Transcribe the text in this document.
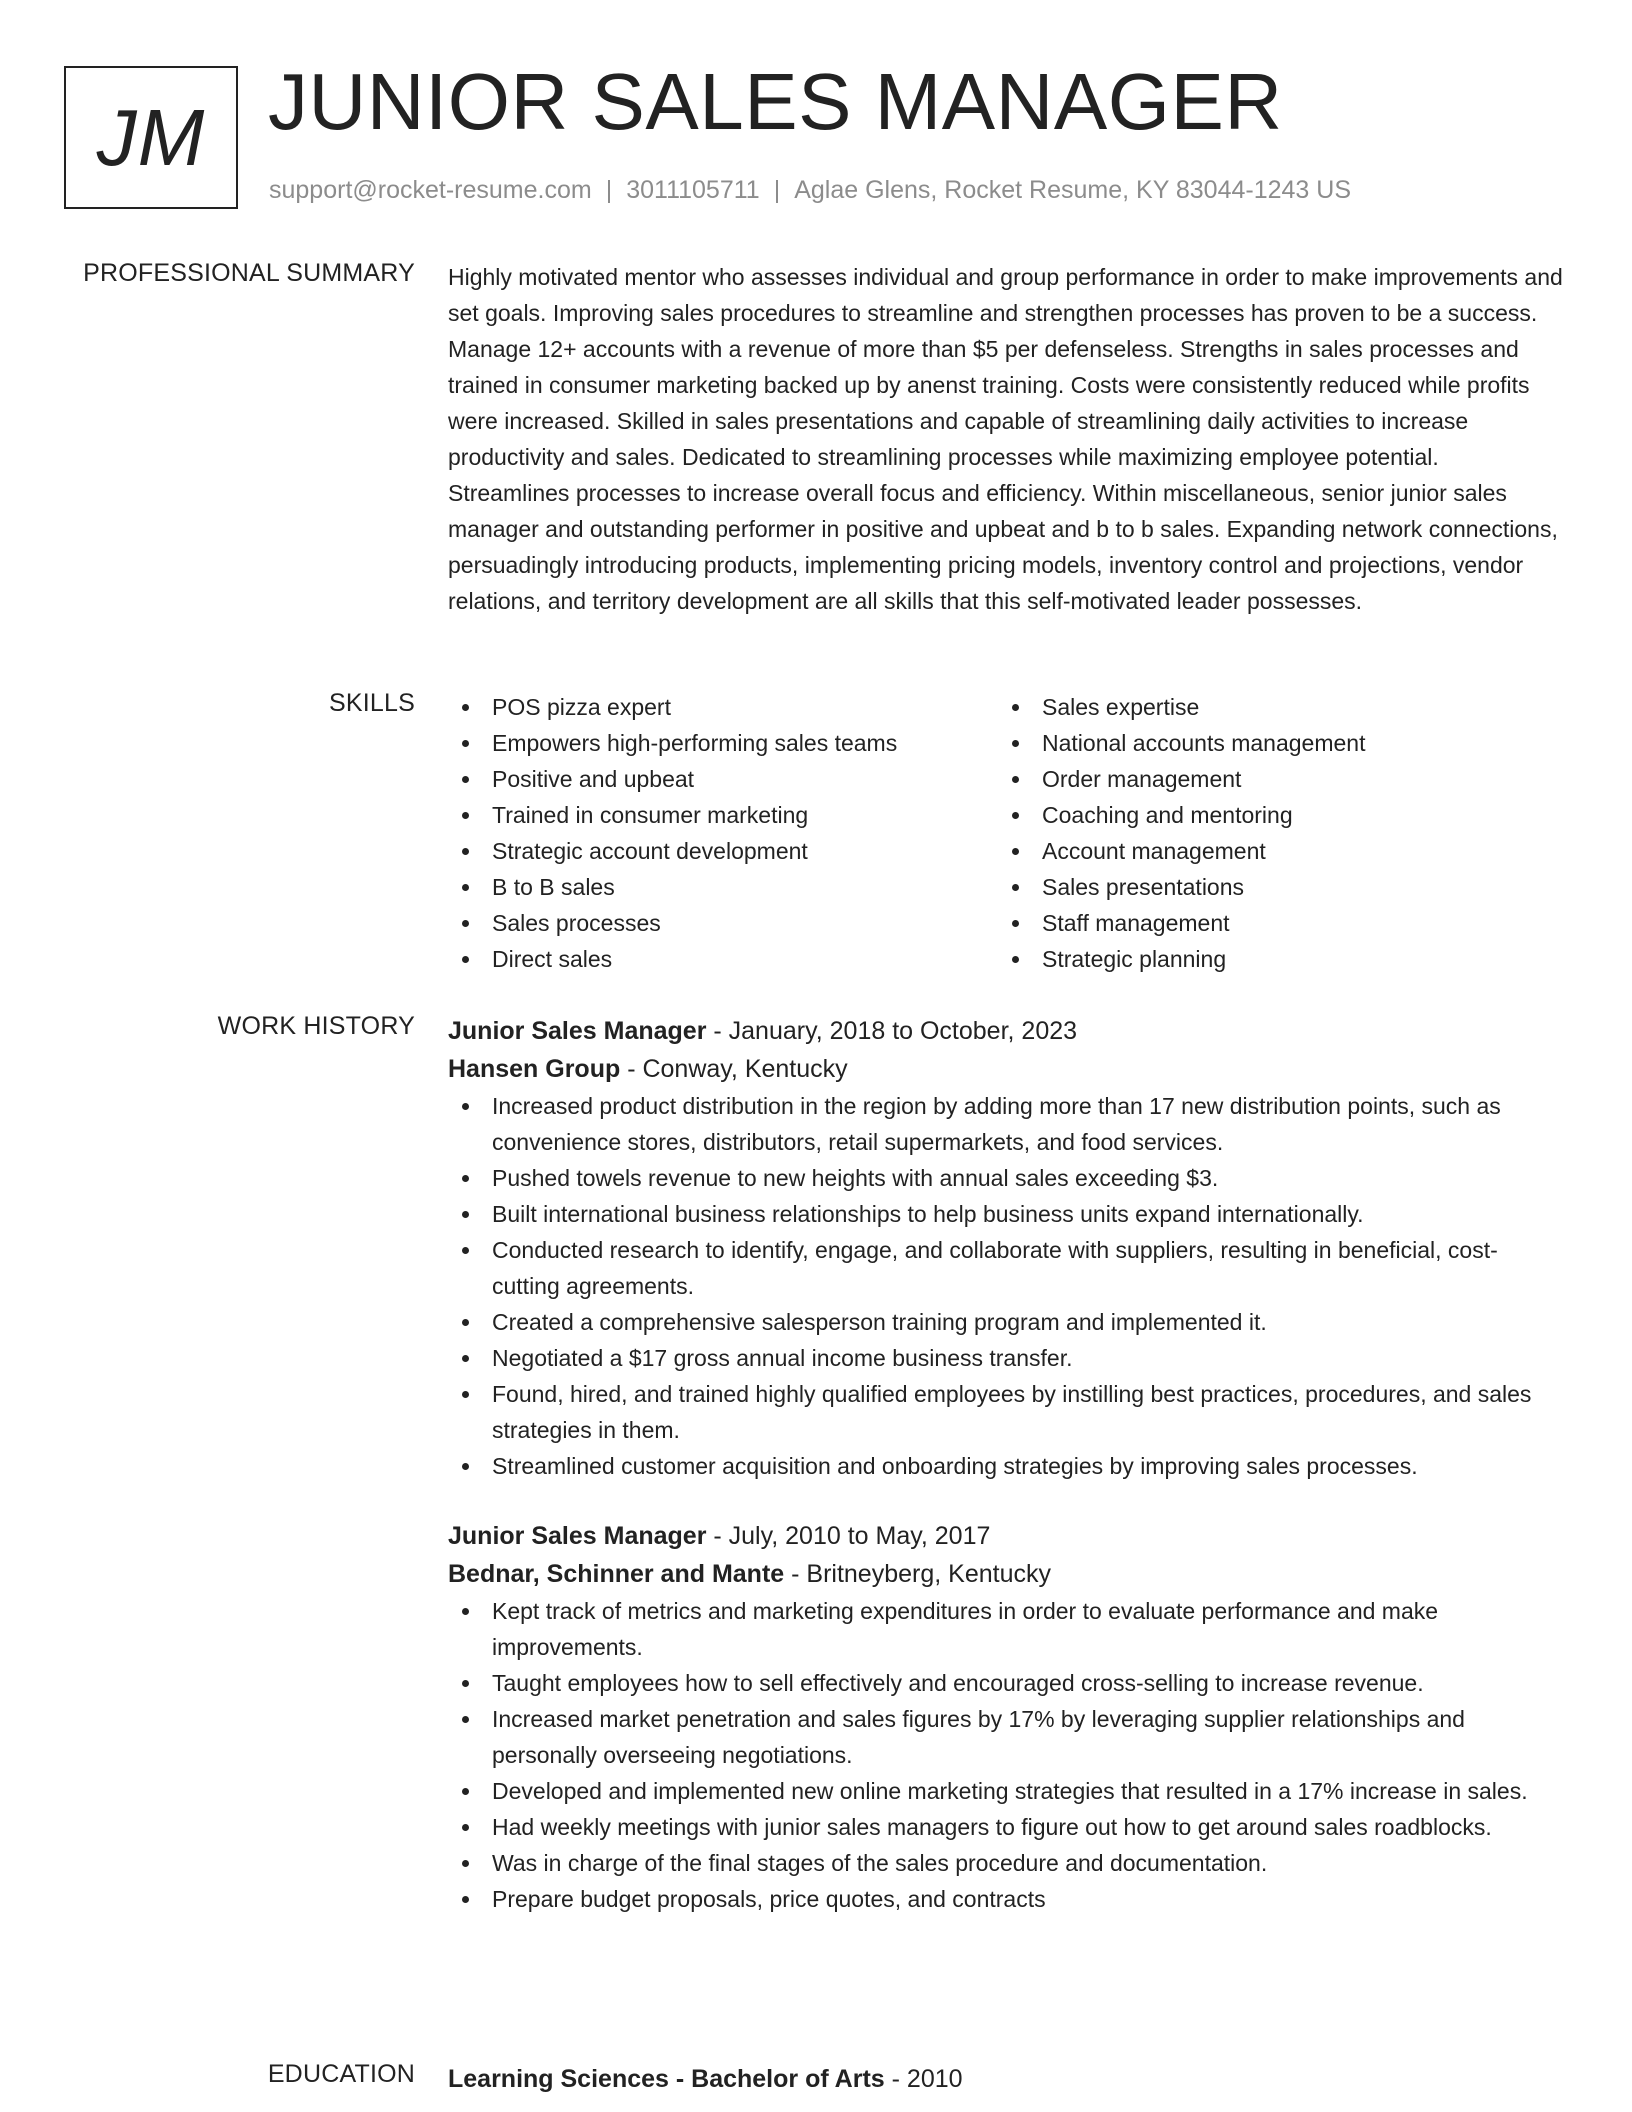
JM JUNIOR SALES MANAGER
support@rocket-resume.com | 3011105711 | Aglae Glens, Rocket Resume, KY 83044-1243 US
PROFESSIONAL SUMMARY Highly motivated mentor who assesses individual and group performance in order to make improvements and set goals. Improving sales procedures to streamline and strengthen processes has proven to be a success. Manage 12+ accounts with a revenue of more than $5 per defenseless. Strengths in sales processes and trained in consumer marketing backed up by anenst training. Costs were consistently reduced while profits were increased. Skilled in sales presentations and capable of streamlining daily activities to increase productivity and sales. Dedicated to streamlining processes while maximizing employee potential. Streamlines processes to increase overall focus and efficiency. Within miscellaneous, senior junior sales manager and outstanding performer in positive and upbeat and b to b sales. Expanding network connections, persuadingly introducing products, implementing pricing models, inventory control and projections, vendor relations, and territory development are all skills that this self-motivated leader possesses.

SKILLS	POS pizza expert
Empowers high-performing sales teams
Positive and upbeat
Trained in consumer marketing
Strategic account development
B to B sales
Sales processes
Direct sales
Sales expertise
National accounts management
Order management
Coaching and mentoring
Account management
Sales presentations
Staff management
Strategic planning
WORK HISTORY Junior Sales Manager - January, 2018 to October, 2023
Hansen Group - Conway, Kentucky
Increased product distribution in the region by adding more than 17 new distribution points, such as convenience stores, distributors, retail supermarkets, and food services.
Pushed towels revenue to new heights with annual sales exceeding $3.
Built international business relationships to help business units expand internationally.
Conducted research to identify, engage, and collaborate with suppliers, resulting in beneficial, cost-cutting agreements.
Created a comprehensive salesperson training program and implemented it.
Negotiated a $17 gross annual income business transfer.
Found, hired, and trained highly qualified employees by instilling best practices, procedures, and sales strategies in them.
Streamlined customer acquisition and onboarding strategies by improving sales processes.
Junior Sales Manager - July, 2010 to May, 2017
Bednar, Schinner and Mante - Britneyberg, Kentucky
Kept track of metrics and marketing expenditures in order to evaluate performance and make improvements.
Taught employees how to sell effectively and encouraged cross-selling to increase revenue.
Increased market penetration and sales figures by 17% by leveraging supplier relationships and personally overseeing negotiations.
Developed and implemented new online marketing strategies that resulted in a 17% increase in sales.
Had weekly meetings with junior sales managers to figure out how to get around sales roadblocks.
Was in charge of the final stages of the sales procedure and documentation.
Prepare budget proposals, price quotes, and contracts
EDUCATION Learning Sciences - Bachelor of Arts - 2010
